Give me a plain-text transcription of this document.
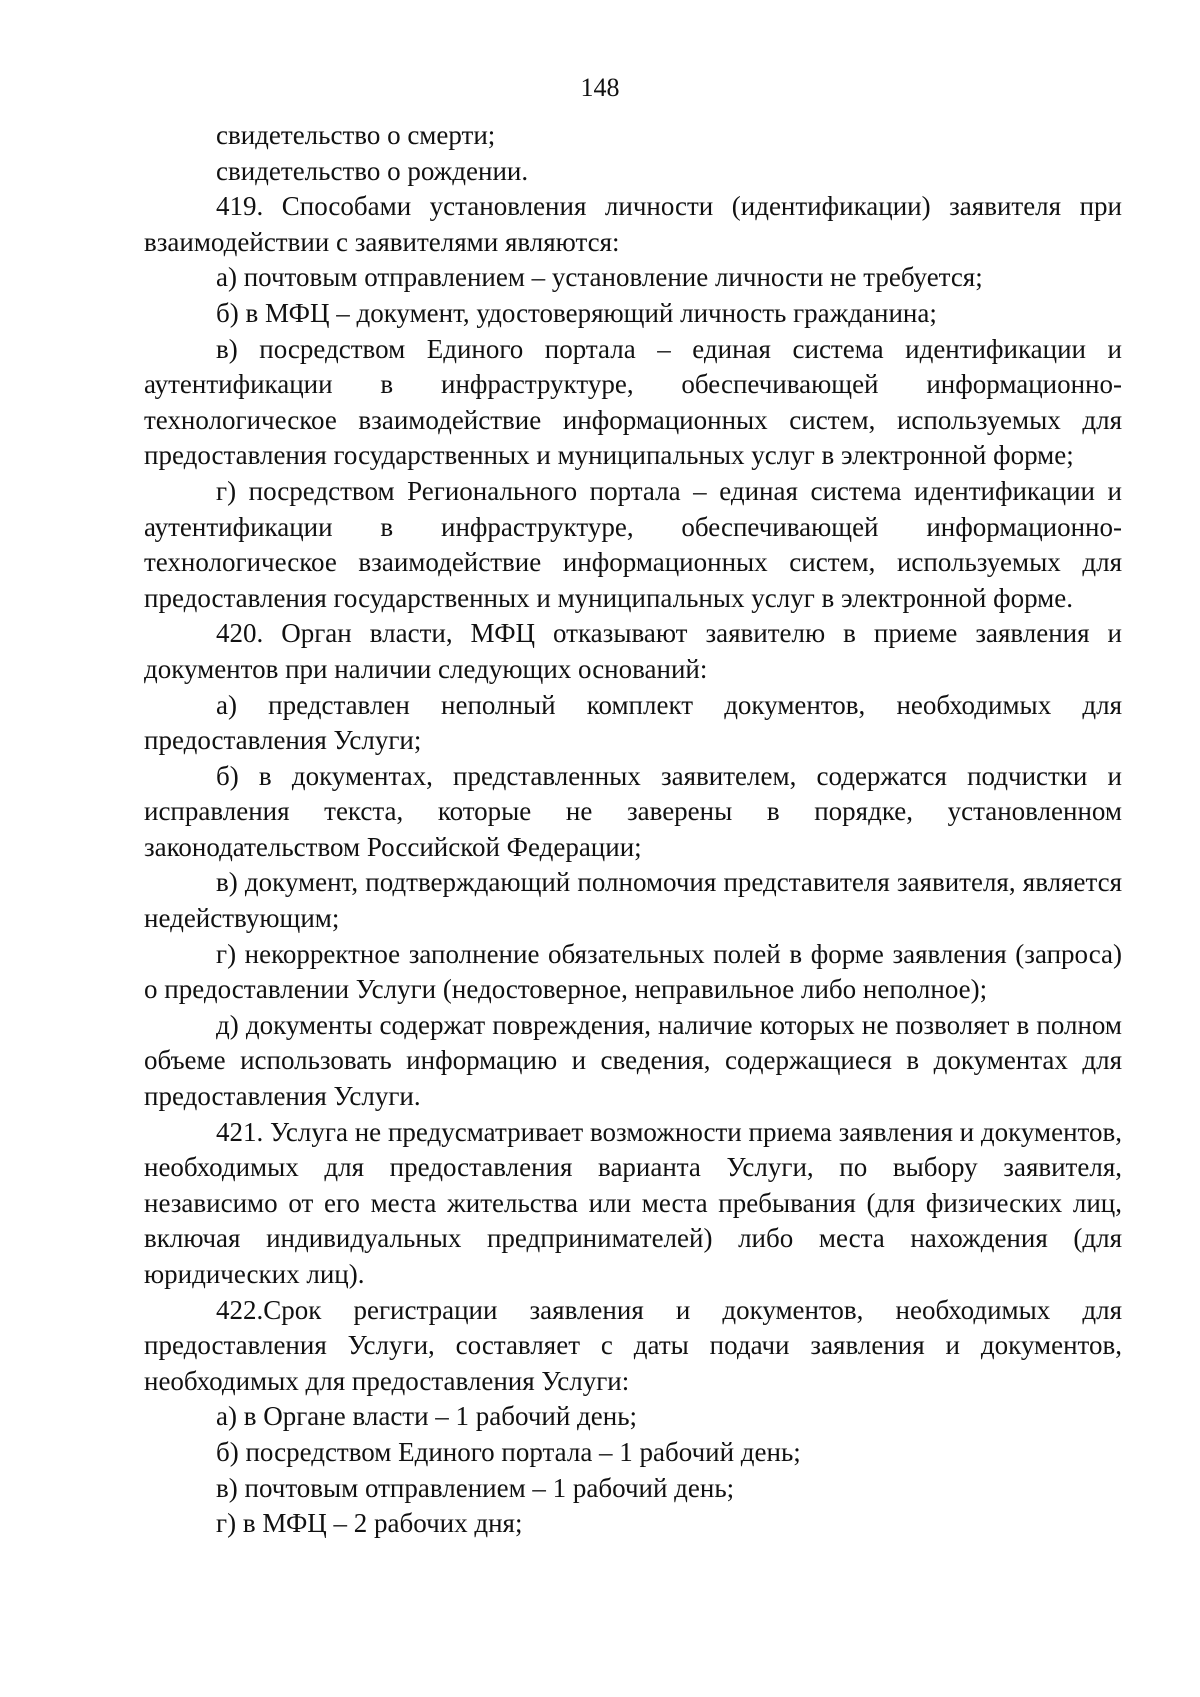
148

свидетельство о смерти;

свидетельство о рождении.

419. Способами установления личности (идентификации) заявителя при взаимодействии с заявителями являются:

а) почтовым отправлением – установление личности не требуется;

б) в МФЦ – документ, удостоверяющий личность гражданина;

в) посредством Единого портала – единая система идентификации и аутентификации в инфраструктуре, обеспечивающей информационно-технологическое взаимодействие информационных систем, используемых для предоставления государственных и муниципальных услуг в электронной форме;

г) посредством Регионального портала – единая система идентификации и аутентификации в инфраструктуре, обеспечивающей информационно-технологическое взаимодействие информационных систем, используемых для предоставления государственных и муниципальных услуг в электронной форме.

420. Орган власти, МФЦ отказывают заявителю в приеме заявления и документов при наличии следующих оснований:

а) представлен неполный комплект документов, необходимых для предоставления Услуги;

б) в документах, представленных заявителем, содержатся подчистки и исправления текста, которые не заверены в порядке, установленном законодательством Российской Федерации;

в) документ, подтверждающий полномочия представителя заявителя, является недействующим;

г) некорректное заполнение обязательных полей в форме заявления (запроса) о предоставлении Услуги (недостоверное, неправильное либо неполное);

д) документы содержат повреждения, наличие которых не позволяет в полном объеме использовать информацию и сведения, содержащиеся в документах для предоставления Услуги.

421. Услуга не предусматривает возможности приема заявления и документов, необходимых для предоставления варианта Услуги, по выбору заявителя, независимо от его места жительства или места пребывания (для физических лиц, включая индивидуальных предпринимателей) либо места нахождения (для юридических лиц).

422.Срок регистрации заявления и документов, необходимых для предоставления Услуги, составляет с даты подачи заявления и документов, необходимых для предоставления Услуги:

а) в Органе власти – 1 рабочий день;

б) посредством Единого портала – 1 рабочий день;

в) почтовым отправлением – 1 рабочий день;

г) в МФЦ – 2 рабочих дня;
